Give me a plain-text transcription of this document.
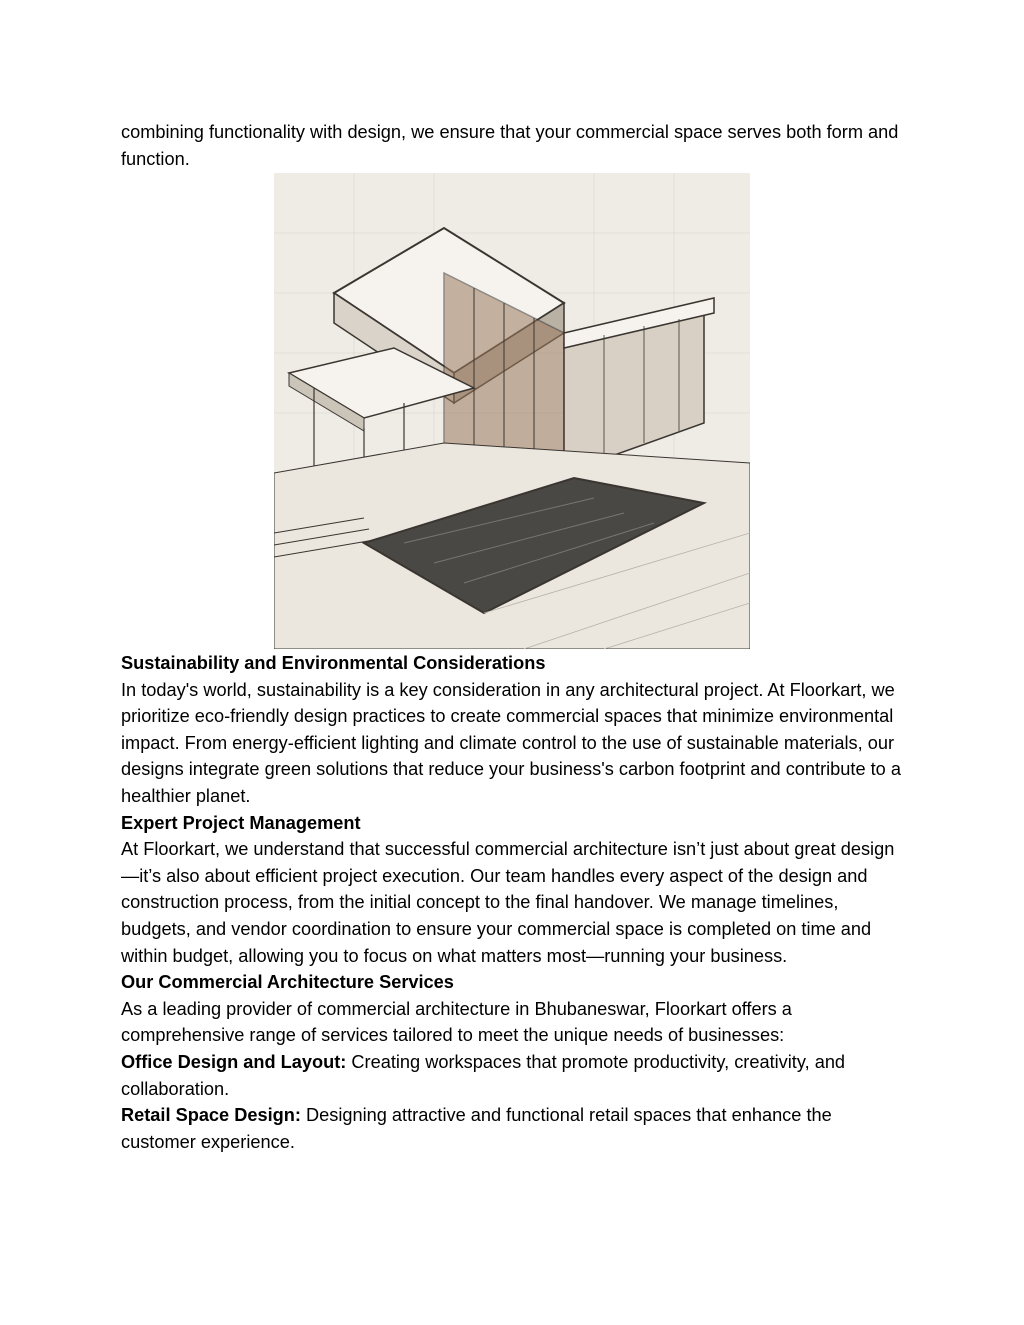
combining functionality with design, we ensure that your commercial space serves both form and function.

Sustainability and Environmental Considerations

In today's world, sustainability is a key consideration in any architectural project. At Floorkart, we prioritize eco-friendly design practices to create commercial spaces that minimize environmental impact. From energy-efficient lighting and climate control to the use of sustainable materials, our designs integrate green solutions that reduce your business's carbon footprint and contribute to a healthier planet.

Expert Project Management

At Floorkart, we understand that successful commercial architecture isn’t just about great design—it’s also about efficient project execution. Our team handles every aspect of the design and construction process, from the initial concept to the final handover. We manage timelines, budgets, and vendor coordination to ensure your commercial space is completed on time and within budget, allowing you to focus on what matters most—running your business.

Our Commercial Architecture Services

As a leading provider of commercial architecture in Bhubaneswar, Floorkart offers a comprehensive range of services tailored to meet the unique needs of businesses:

Office Design and Layout: Creating workspaces that promote productivity, creativity, and collaboration.

Retail Space Design: Designing attractive and functional retail spaces that enhance the customer experience.
